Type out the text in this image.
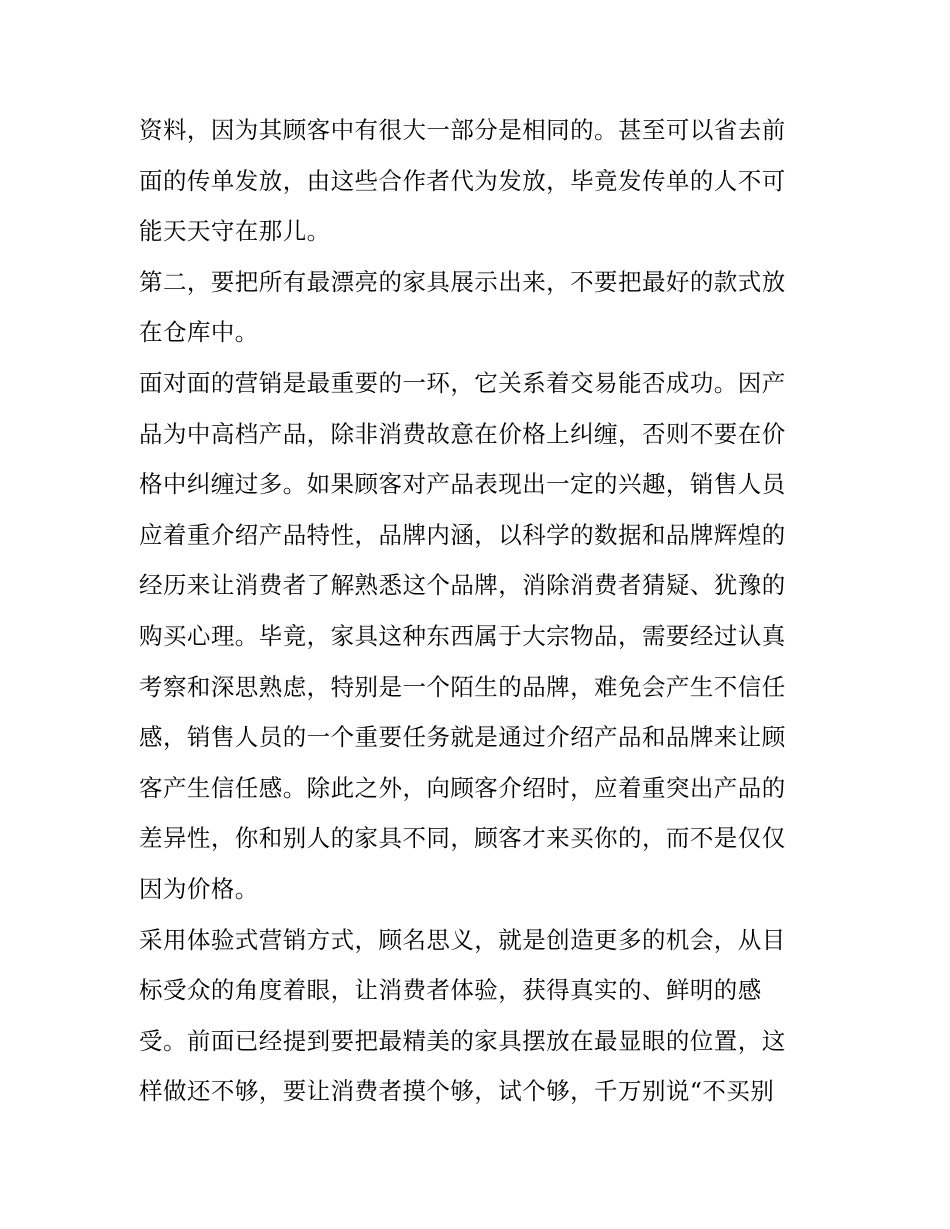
资料，因为其顾客中有很大一部分是相同的。甚至可以省去前
面的传单发放，由这些合作者代为发放，毕竟发传单的人不可
能天天守在那儿。
第二，要把所有最漂亮的家具展示出来，不要把最好的款式放
在仓库中。
面对面的营销是最重要的一环，它关系着交易能否成功。因产
品为中高档产品，除非消费故意在价格上纠缠，否则不要在价
格中纠缠过多。如果顾客对产品表现出一定的兴趣，销售人员
应着重介绍产品特性，品牌内涵，以科学的数据和品牌辉煌的
经历来让消费者了解熟悉这个品牌，消除消费者猜疑、犹豫的
购买心理。毕竟，家具这种东西属于大宗物品，需要经过认真
考察和深思熟虑，特别是一个陌生的品牌，难免会产生不信任
感，销售人员的一个重要任务就是通过介绍产品和品牌来让顾
客产生信任感。除此之外，向顾客介绍时，应着重突出产品的
差异性，你和别人的家具不同，顾客才来买你的，而不是仅仅
因为价格。
采用体验式营销方式，顾名思义，就是创造更多的机会，从目
标受众的角度着眼，让消费者体验，获得真实的、鲜明的感
受。前面已经提到要把最精美的家具摆放在最显眼的位置，这
样做还不够，要让消费者摸个够，试个够，千万别说“不买别
